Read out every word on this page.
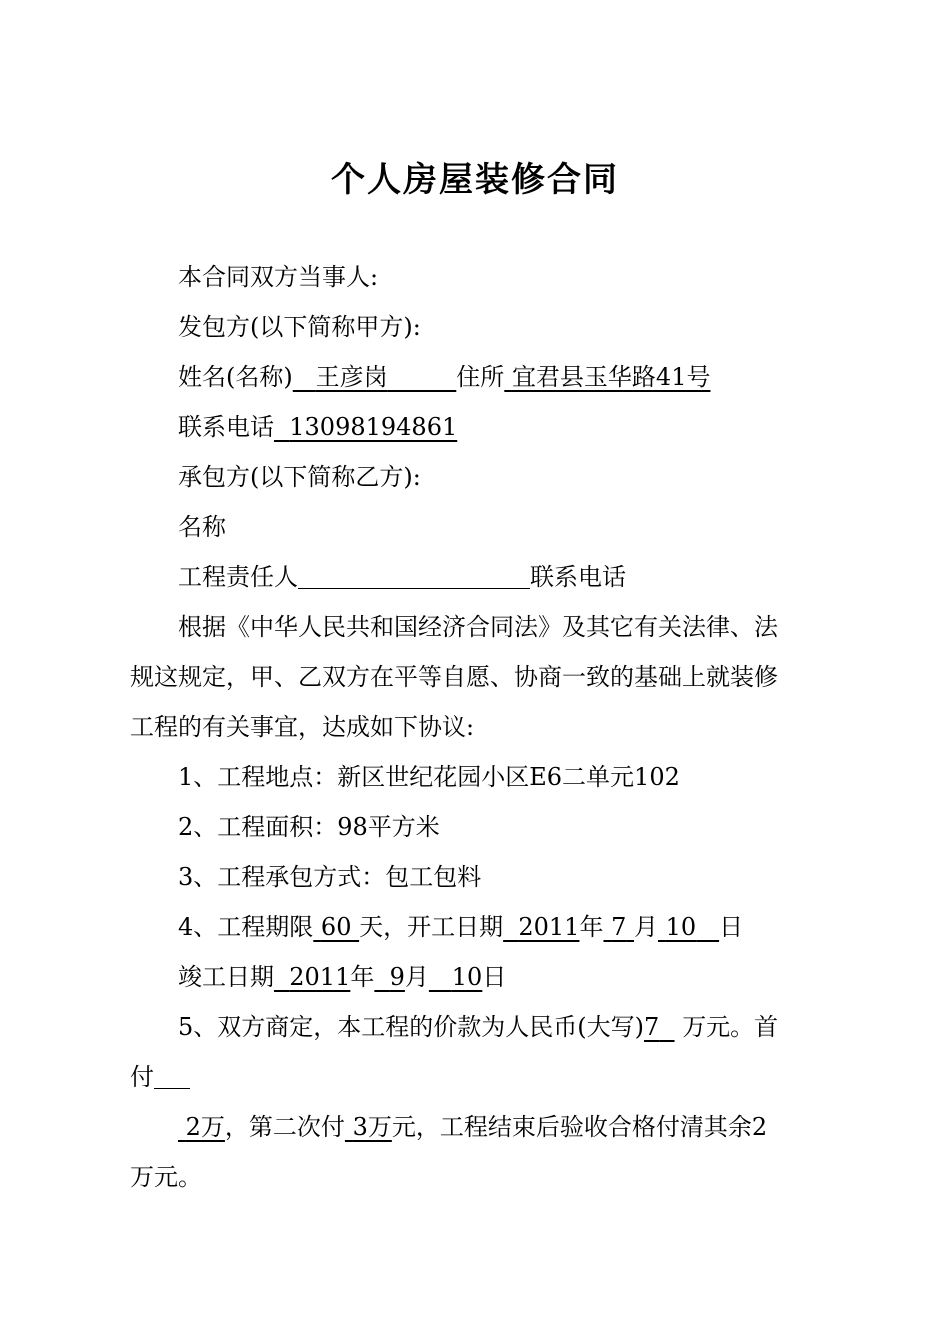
个人房屋装修合同
本合同双方当事人:
发包方(以下简称甲方):
姓名(名称) 王彦岗	住所 宜君县玉华路41号
联系电话 13098194861
承包方(以下简称乙方):
名称
工程责任人	联系电话
根据《中华人民共和国经济合同法》及其它有关法律、法
规这规定，甲、乙双方在平等自愿、协商一致的基础上就装修
工程的有关事宜，达成如下协议:
1、工程地点：新区世纪花园小区E6二单元102
2、工程面积：98平方米
3、工程承包方式：包工包料
4、工程期限 60 天，开工日期 2011年 7 月 10 日
竣工日期 2011年 9月 10日
5、双方商定，本工程的价款为人民币(大写)7 万元。首
付
2万，第二次付 3万元，工程结束后验收合格付清其余2
万元。
